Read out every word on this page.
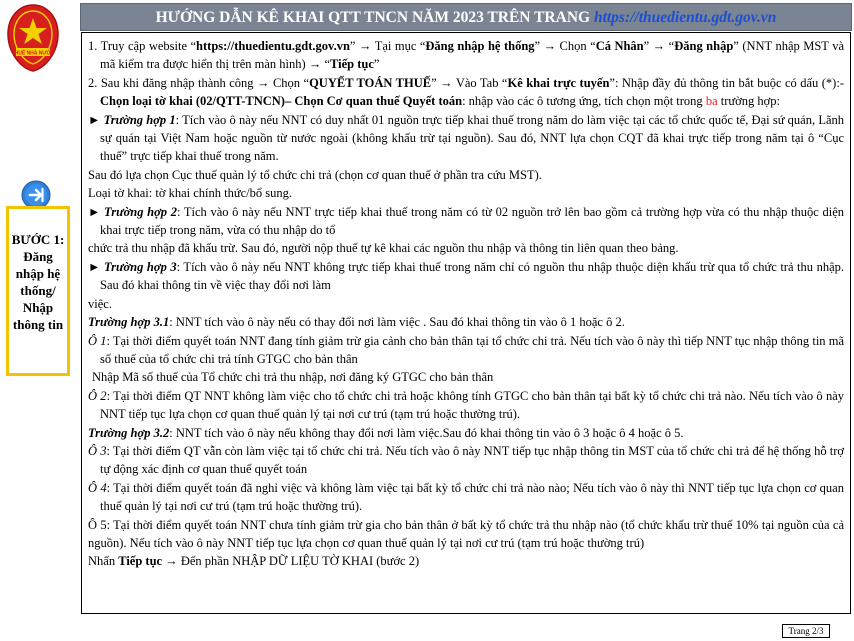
THUẾ NHÀ NƯỚC
HƯỚNG DẪN KÊ KHAI QTT TNCN NĂM 2023 TRÊN TRANG https://thuedientu.gdt.gov.vn
BƯỚC 1: Đăng nhập hệ thống/ Nhập thông tin

1. Truy cập website “https://thuedientu.gdt.gov.vn” → Tại mục “Đăng nhập hệ thống” → Chọn “Cá Nhân” → “Đăng nhập” (NNT nhập MST và mã kiểm tra được hiển thị trên màn hình) → “Tiếp tục”

2. Sau khi đăng nhập thành công → Chọn “QUYẾT TOÁN THUẾ” → Vào Tab “Kê khai trực tuyến”: Nhập đầy đủ thông tin bắt buộc có dấu (*):- Chọn loại tờ khai (02/QTT-TNCN)– Chọn Cơ quan thuế Quyết toán: nhập vào các ô tương ứng, tích chọn một trong ba trường hợp:

► Trường hợp 1: Tích vào ô này nếu NNT có duy nhất 01 nguồn trực tiếp khai thuế trong năm do làm việc tại các tổ chức quốc tế, Đại sứ quán, Lãnh sự quán tại Việt Nam hoặc nguồn từ nước ngoài (không khấu trừ tại nguồn). Sau đó, NNT lựa chọn CQT đã khai trực tiếp trong năm tại ô “Cục thuế” trực tiếp khai thuế trong năm.

Sau đó lựa chọn Cục thuế quản lý tổ chức chi trả (chọn cơ quan thuế ở phần tra cứu MST).

Loại tờ khai: tờ khai chính thức/bổ sung.

► Trường hợp 2: Tích vào ô này nếu NNT trực tiếp khai thuế trong năm có từ 02 nguồn trở lên bao gồm cả trường hợp vừa có thu nhập thuộc diện khai trực tiếp trong năm, vừa có thu nhập do tổ

chức trả thu nhập đã khấu trừ. Sau đó, người nộp thuế tự kê khai các nguồn thu nhập và thông tin liên quan theo bảng.

► Trường hợp 3: Tích vào ô này nếu NNT không trực tiếp khai thuế trong năm chỉ có nguồn thu nhập thuộc diện khấu trừ qua tổ chức trả thu nhập. Sau đó khai thông tin về việc thay đổi nơi làm

việc.

Trường hợp 3.1: NNT tích vào ô này nếu có thay đổi nơi làm việc . Sau đó khai thông tin vào ô 1 hoặc ô 2.

Ô 1: Tại thời điểm quyết toán NNT đang tính giảm trừ gia cảnh cho bản thân tại tổ chức chi trả. Nếu tích vào ô này thì tiếp NNT tục nhập thông tin mã số thuế của tổ chức chi trả tính GTGC cho bản thân

Nhập Mã số thuế của Tổ chức chi trả thu nhập, nơi đăng ký GTGC cho bản thân

Ô 2: Tại thời điểm QT NNT không làm việc cho tổ chức chi trả hoặc không tính GTGC cho bản thân tại bất kỳ tổ chức chi trả nào. Nếu tích vào ô này NNT tiếp tục lựa chọn cơ quan thuế quản lý tại nơi cư trú (tạm trú hoặc thường trú).

Trường hợp 3.2: NNT tích vào ô này nếu không thay đổi nơi làm việc.Sau đó khai thông tin vào ô 3 hoặc ô 4 hoặc ô 5.

Ô 3: Tại thời điểm QT vẫn còn làm việc tại tổ chức chi trả. Nếu tích vào ô này NNT tiếp tục nhập thông tin MST của tổ chức chi trả để hệ thống hỗ trợ tự động xác định cơ quan thuế quyết toán

Ô 4: Tại thời điểm quyết toán đã nghỉ việc và không làm việc tại bất kỳ tổ chức chi trả nào nào; Nếu tích vào ô này thì NNT tiếp tục lựa chọn cơ quan thuế quản lý tại nơi cư trú (tạm trú hoặc thường trú).

Ô 5: Tại thời điểm quyết toán NNT chưa tính giảm trừ gia cho bản thân ở bất kỳ tổ chức trả thu nhập nào (tổ chức khấu trừ thuế 10% tại nguồn của cả nguồn). Nếu tích vào ô này NNT tiếp tục lựa chọn cơ quan thuế quản lý tại nơi cư trú (tạm trú hoặc thường trú)

Nhấn Tiếp tục → Đến phần NHẬP DỮ LIỆU TỜ KHAI (bước 2)

Trang 2/3
